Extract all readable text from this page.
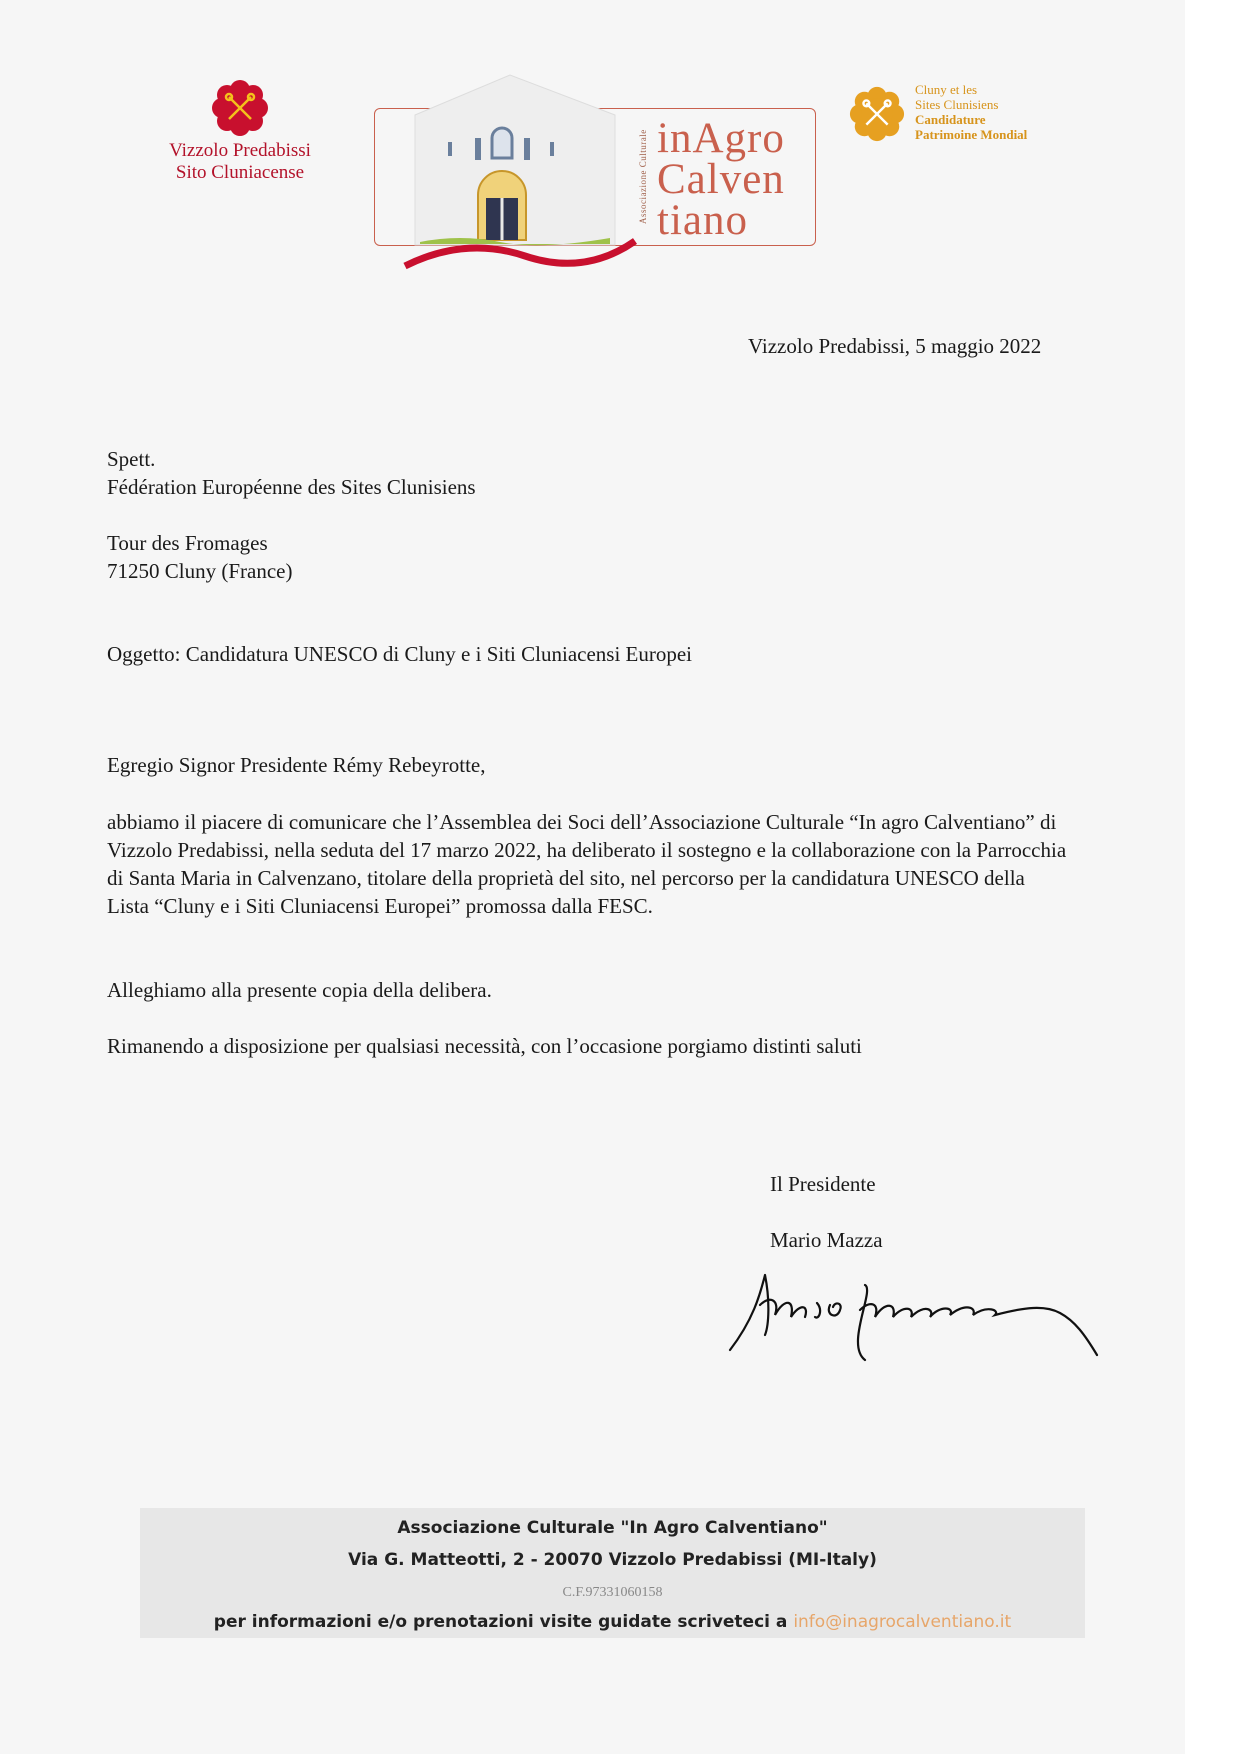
Vizzolo Predabissi
Sito Cluniacense	Associazione Culturale inAgro
Calven
tiano
Cluny et les
Sites Clunisiens
Candidature
Patrimoine Mondial
Vizzolo Predabissi, 5 maggio 2022
Spett.
Fédération Européenne des Sites Clunisiens
Tour des Fromages
71250 Cluny (France)
Oggetto: Candidatura UNESCO di Cluny e i Siti Cluniacensi Europei
Egregio Signor Presidente Rémy Rebeyrotte,
abbiamo il piacere di comunicare che l’Assemblea dei Soci dell’Associazione Culturale “In agro Calventiano” di Vizzolo Predabissi, nella seduta del 17 marzo 2022, ha deliberato il sostegno e la collaborazione con la Parrocchia di Santa Maria in Calvenzano, titolare della proprietà del sito, nel percorso per la candidatura UNESCO della Lista “Cluny e i Siti Cluniacensi Europei” promossa dalla FESC.
Alleghiamo alla presente copia della delibera.
Rimanendo a disposizione per qualsiasi necessità, con l’occasione porgiamo distinti saluti
Il Presidente
Mario Mazza
Associazione Culturale "In Agro Calventiano"
Via G. Matteotti, 2 - 20070 Vizzolo Predabissi (MI-Italy)
C.F.97331060158
per informazioni e/o prenotazioni visite guidate scriveteci a info@inagrocalventiano.it
